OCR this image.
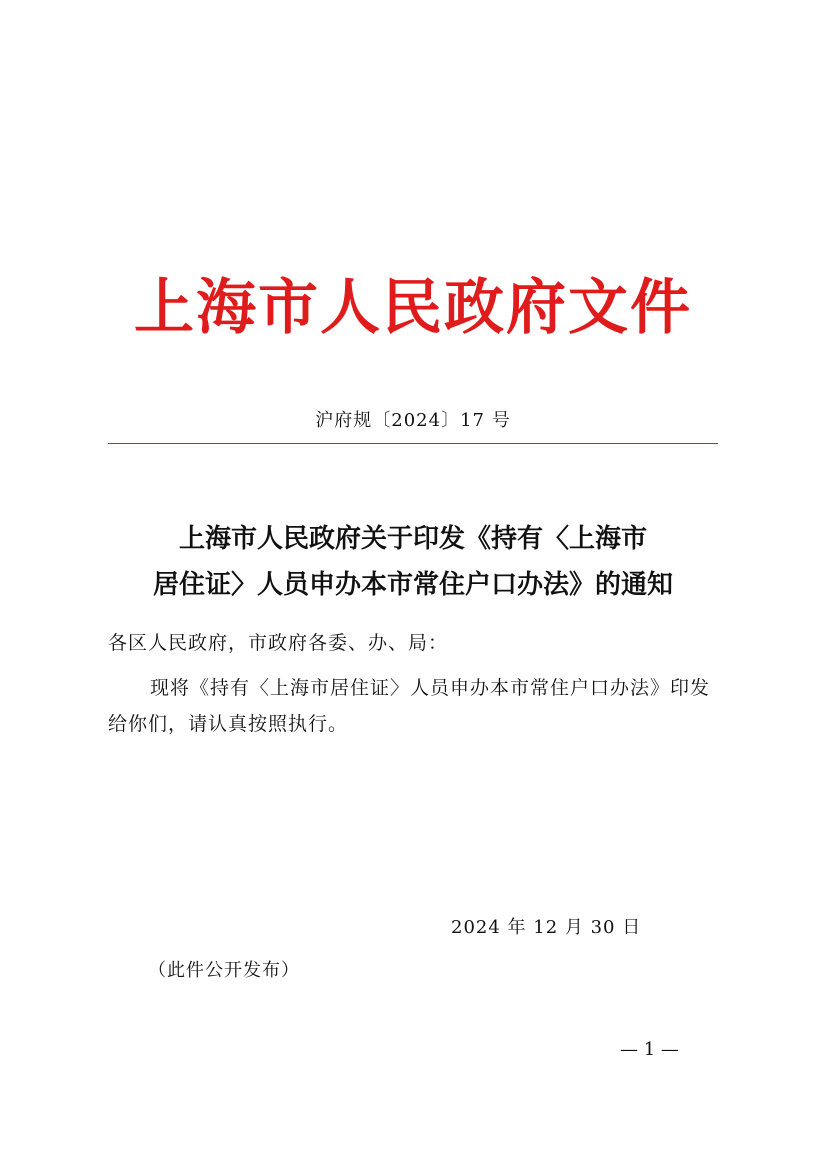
上海市人民政府文件
沪府规〔2024〕17 号
上海市人民政府关于印发《持有〈上海市
居住证〉人员申办本市常住户口办法》的通知
各区人民政府，市政府各委、办、局：
现将《持有〈上海市居住证〉人员申办本市常住户口办法》印发
给你们，请认真按照执行。
2024 年 12 月 30 日
（此件公开发布）
— 1 —
